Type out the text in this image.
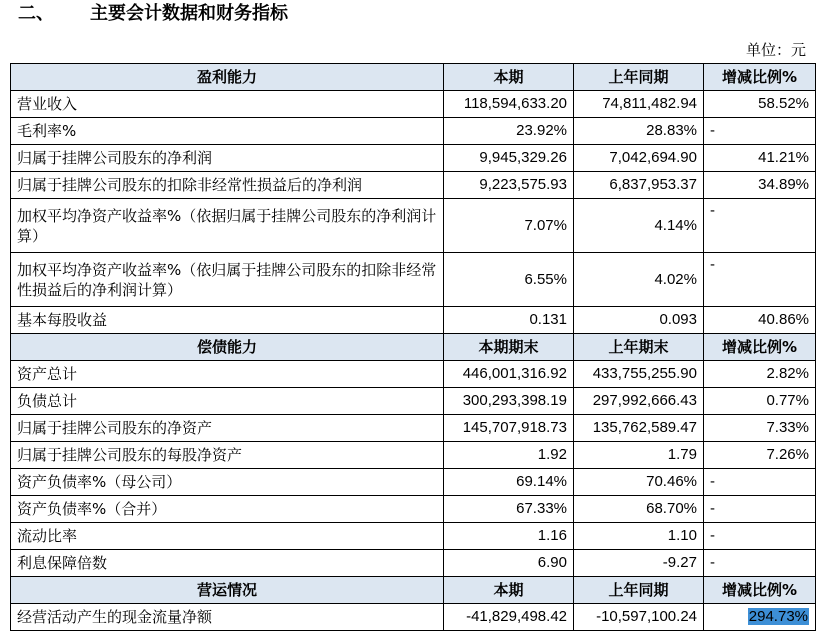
二、 主要会计数据和财务指标
单位：元
盈利能力	本期	上年同期	增减比例%
营业收入	118,594,633.20	74,811,482.94	58.52%
毛利率%	23.92%	28.83%	-
归属于挂牌公司股东的净利润	9,945,329.26	7,042,694.90	41.21%
归属于挂牌公司股东的扣除非经常性损益后的净利润	9,223,575.93	6,837,953.37	34.89%
加权平均净资产收益率%（依据归属于挂牌公司股东的净利润计算）	7.07%	4.14%	-
加权平均净资产收益率%（依归属于挂牌公司股东的扣除非经常性损益后的净利润计算）	6.55%	4.02%	-
基本每股收益	0.131	0.093	40.86%
偿债能力	本期期末	上年期末	增减比例%
资产总计	446,001,316.92	433,755,255.90	2.82%
负债总计	300,293,398.19	297,992,666.43	0.77%
归属于挂牌公司股东的净资产	145,707,918.73	135,762,589.47	7.33%
归属于挂牌公司股东的每股净资产	1.92	1.79	7.26%
资产负债率%（母公司）	69.14%	70.46%	-
资产负债率%（合并）	67.33%	68.70%	-
流动比率	1.16	1.10	-
利息保障倍数	6.90	-9.27	-
营运情况	本期	上年同期	增减比例%
经营活动产生的现金流量净额	-41,829,498.42	-10,597,100.24	294.73%
